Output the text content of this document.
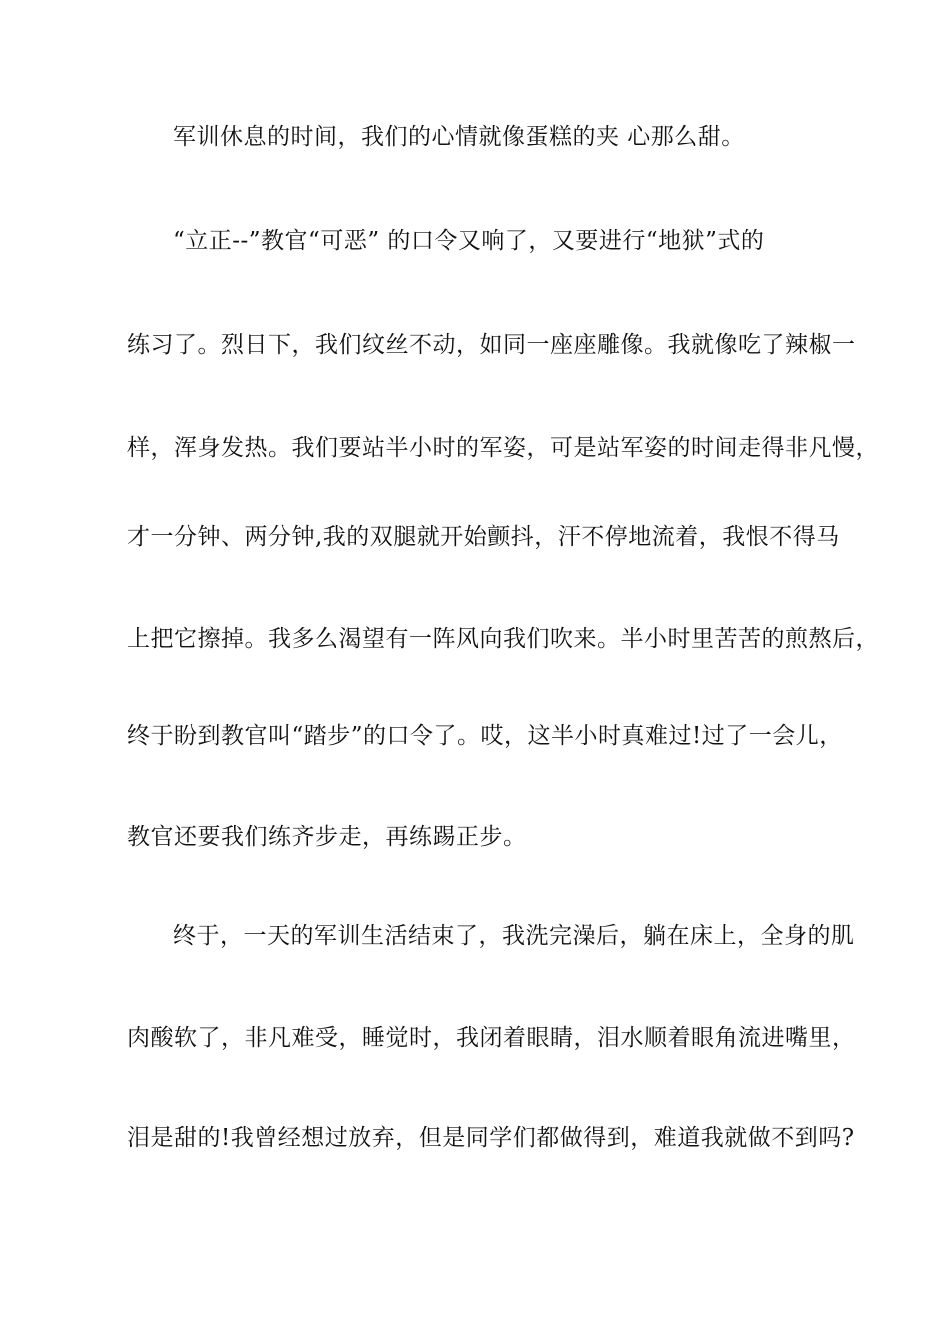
军训休息的时间，我们的心情就像蛋糕的夹 心那么甜。
“立正--”教官“可恶” 的口令又响了，又要进行“地狱”式的
练习了。烈日下，我们纹丝不动，如同一座座雕像。我就像吃了辣椒一
样，浑身发热。我们要站半小时的军姿，可是站军姿的时间走得非凡慢，
才一分钟、两分钟,我的双腿就开始颤抖，汗不停地流着，我恨不得马
上把它擦掉。我多么渴望有一阵风向我们吹来。半小时里苦苦的煎熬后，
终于盼到教官叫“踏步”的口令了。哎，这半小时真难过!过了一会儿，
教官还要我们练齐步走，再练踢正步。
终于，一天的军训生活结束了，我洗完澡后，躺在床上，全身的肌
肉酸软了，非凡难受，睡觉时，我闭着眼睛，泪水顺着眼角流进嘴里，
泪是甜的!我曾经想过放弃，但是同学们都做得到，难道我就做不到吗?
